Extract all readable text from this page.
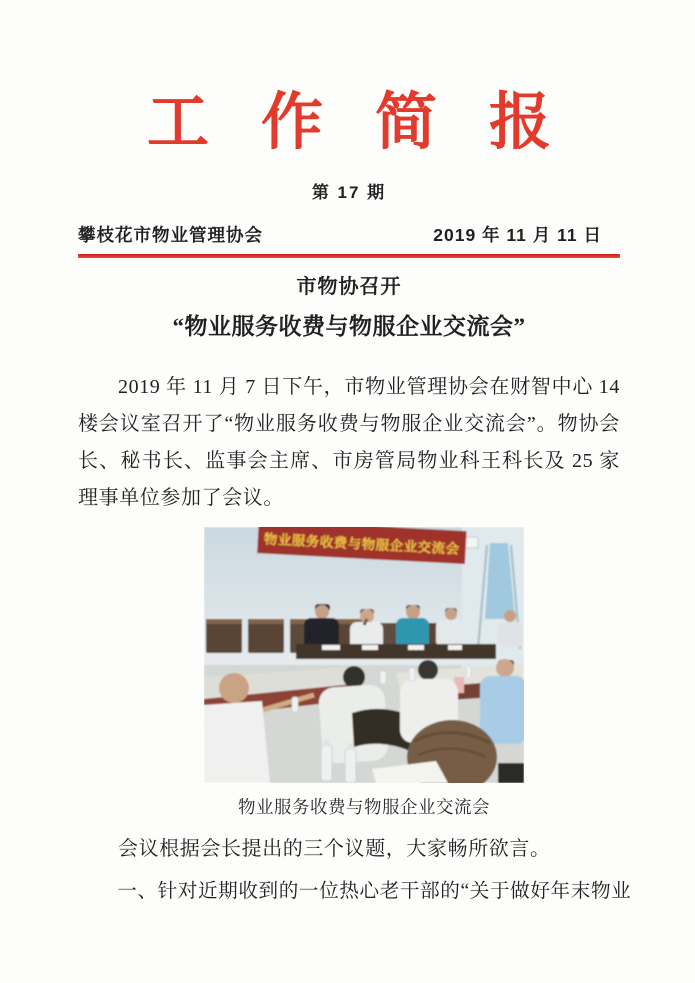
工作简报
第 17 期
攀枝花市物业管理协会	2019 年 11 月 11 日
市物协召开
“物业服务收费与物服企业交流会”

2019 年 11 月 7 日下午，市物业管理协会在财智中心 14 楼会议室召开了“物业服务收费与物服企业交流会”。物协会长、秘书长、监事会主席、市房管局物业科王科长及 25 家理事单位参加了会议。

物业服务收费与物服企业交流会
物业服务收费与物服企业交流会

会议根据会长提出的三个议题，大家畅所欲言。

一、针对近期收到的一位热心老干部的“关于做好年末物业
